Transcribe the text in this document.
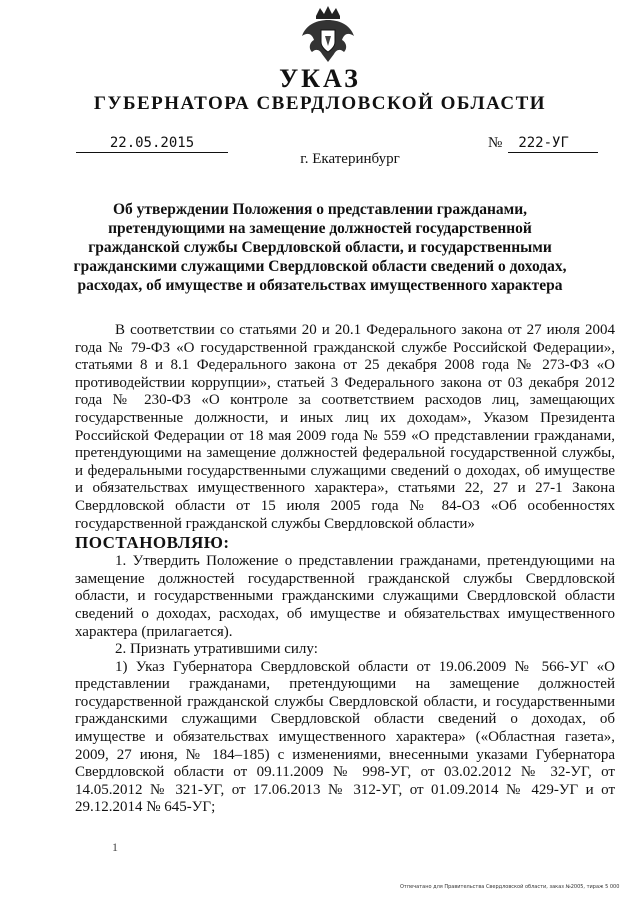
УКАЗ
ГУБЕРНАТОРА СВЕРДЛОВСКОЙ ОБЛАСТИ
22.05.2015	№ 222-УГ
г. Екатеринбург
Об утверждении Положения о представлении гражданами, претендующими на замещение должностей государственной гражданской службы Свердловской области, и государственными гражданскими служащими Свердловской области сведений о доходах, расходах, об имуществе и обязательствах имущественного характера

В соответствии со статьями 20 и 20.1 Федерального закона от 27 июля 2004 года № 79-ФЗ «О государственной гражданской службе Российской Федерации», статьями 8 и 8.1 Федерального закона от 25 декабря 2008 года № 273-ФЗ «О противодействии коррупции», статьей 3 Федерального закона от 03 декабря 2012 года № 230-ФЗ «О контроле за соответствием расходов лиц, замещающих государственные должности, и иных лиц их доходам», Указом Президента Российской Федерации от 18 мая 2009 года № 559 «О представлении гражданами, претендующими на замещение должностей федеральной государственной службы, и федеральными государственными служащими сведений о доходах, об имуществе и обязательствах имущественного характера», статьями 22, 27 и 27-1 Закона Свердловской области от 15 июля 2005 года № 84-ОЗ «Об особенностях государственной гражданской службы Свердловской области»

ПОСТАНОВЛЯЮ:

1. Утвердить Положение о представлении гражданами, претендующими на замещение должностей государственной гражданской службы Свердловской области, и государственными гражданскими служащими Свердловской области сведений о доходах, расходах, об имуществе и обязательствах имущественного характера (прилагается).

2. Признать утратившими силу:

1) Указ Губернатора Свердловской области от 19.06.2009 № 566-УГ «О представлении гражданами, претендующими на замещение должностей государственной гражданской службы Свердловской области, и государственными гражданскими служащими Свердловской области сведений о доходах, об имуществе и обязательствах имущественного характера» («Областная газета», 2009, 27 июня, № 184–185) с изменениями, внесенными указами Губернатора Свердловской области от 09.11.2009 № 998-УГ, от 03.02.2012 № 32-УГ, от 14.05.2012 № 321-УГ, от 17.06.2013 № 312-УГ, от 01.09.2014 № 429-УГ и от 29.12.2014 № 645-УГ;

1
Отпечатано для Правительства Свердловской области, заказ №2005, тираж 5 000
